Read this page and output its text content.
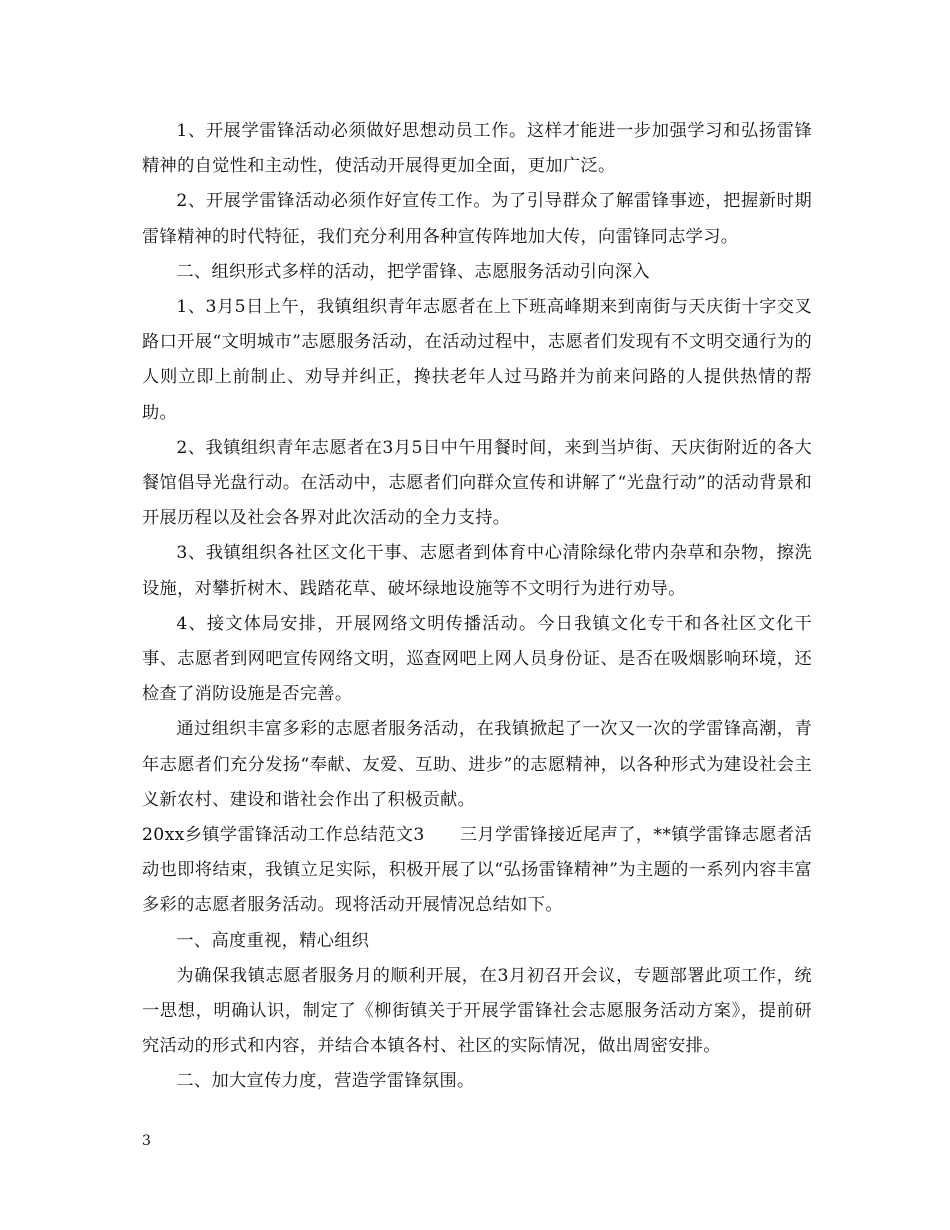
1、开展学雷锋活动必须做好思想动员工作。这样才能进一步加强学习和弘扬雷锋精神的自觉性和主动性，使活动开展得更加全面，更加广泛。

2、开展学雷锋活动必须作好宣传工作。为了引导群众了解雷锋事迹，把握新时期雷锋精神的时代特征，我们充分利用各种宣传阵地加大传，向雷锋同志学习。

二、组织形式多样的活动，把学雷锋、志愿服务活动引向深入

1、3月5日上午，我镇组织青年志愿者在上下班高峰期来到南街与天庆街十字交叉路口开展“文明城市”志愿服务活动，在活动过程中，志愿者们发现有不文明交通行为的人则立即上前制止、劝导并纠正，搀扶老年人过马路并为前来问路的人提供热情的帮助。

2、我镇组织青年志愿者在3月5日中午用餐时间，来到当垆街、天庆街附近的各大餐馆倡导光盘行动。在活动中，志愿者们向群众宣传和讲解了“光盘行动”的活动背景和开展历程以及社会各界对此次活动的全力支持。

3、我镇组织各社区文化干事、志愿者到体育中心清除绿化带内杂草和杂物，擦洗设施，对攀折树木、践踏花草、破坏绿地设施等不文明行为进行劝导。

4、接文体局安排，开展网络文明传播活动。今日我镇文化专干和各社区文化干事、志愿者到网吧宣传网络文明，巡查网吧上网人员身份证、是否在吸烟影响环境，还检查了消防设施是否完善。

通过组织丰富多彩的志愿者服务活动，在我镇掀起了一次又一次的学雷锋高潮，青年志愿者们充分发扬“奉献、友爱、互助、进步”的志愿精神，以各种形式为建设社会主义新农村、建设和谐社会作出了积极贡献。

20xx乡镇学雷锋活动工作总结范文3　　三月学雷锋接近尾声了，**镇学雷锋志愿者活动也即将结束，我镇立足实际，积极开展了以“弘扬雷锋精神”为主题的一系列内容丰富多彩的志愿者服务活动。现将活动开展情况总结如下。

一、高度重视，精心组织

为确保我镇志愿者服务月的顺利开展，在3月初召开会议，专题部署此项工作，统一思想，明确认识，制定了《柳街镇关于开展学雷锋社会志愿服务活动方案》，提前研究活动的形式和内容，并结合本镇各村、社区的实际情况，做出周密安排。

二、加大宣传力度，营造学雷锋氛围。

3
